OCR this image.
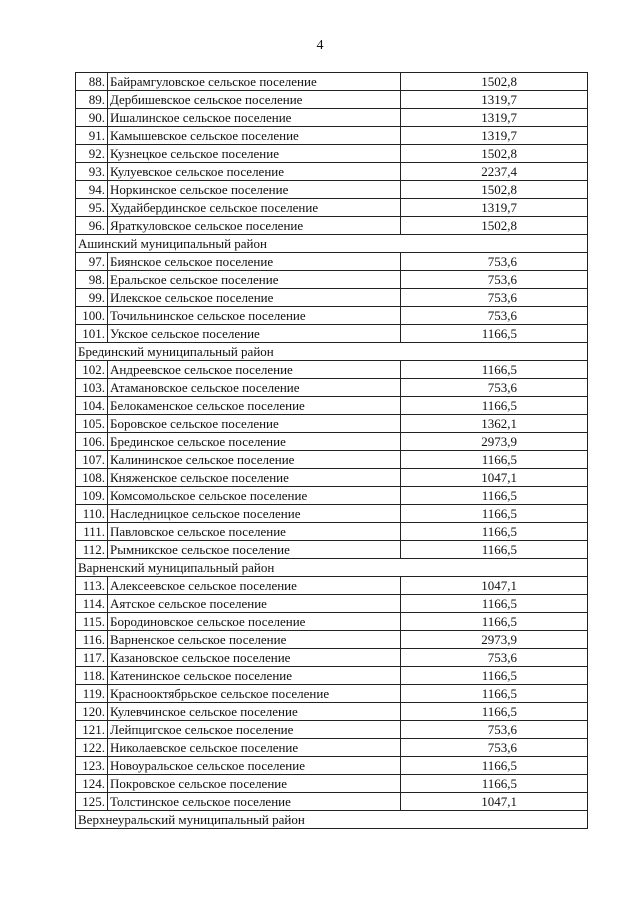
4
88.	Байрамгуловское сельское поселение	1502,8
89.	Дербишевское сельское поселение	1319,7
90.	Ишалинское сельское поселение	1319,7
91.	Камышевское сельское поселение	1319,7
92.	Кузнецкое сельское поселение	1502,8
93.	Кулуевское сельское поселение	2237,4
94.	Норкинское сельское поселение	1502,8
95.	Худайбердинское сельское поселение	1319,7
96.	Яраткуловское сельское поселение	1502,8
Ашинский муниципальный район		
97.	Биянское сельское поселение	753,6
98.	Еральское сельское поселение	753,6
99.	Илекское сельское поселение	753,6
100.	Точильнинское сельское поселение	753,6
101.	Укское сельское поселение	1166,5
Брединский муниципальный район		
102.	Андреевское сельское поселение	1166,5
103.	Атамановское сельское поселение	753,6
104.	Белокаменское сельское поселение	1166,5
105.	Боровское сельское поселение	1362,1
106.	Брединское сельское поселение	2973,9
107.	Калининское сельское поселение	1166,5
108.	Княженское сельское поселение	1047,1
109.	Комсомольское сельское поселение	1166,5
110.	Наследницкое сельское поселение	1166,5
111.	Павловское сельское поселение	1166,5
112.	Рымникское сельское поселение	1166,5
Варненский муниципальный район		
113.	Алексеевское сельское поселение	1047,1
114.	Аятское сельское поселение	1166,5
115.	Бородиновское сельское поселение	1166,5
116.	Варненское сельское поселение	2973,9
117.	Казановское сельское поселение	753,6
118.	Катенинское сельское поселение	1166,5
119.	Краснооктябрьское сельское поселение	1166,5
120.	Кулевчинское сельское поселение	1166,5
121.	Лейпцигское сельское поселение	753,6
122.	Николаевское сельское поселение	753,6
123.	Новоуральское сельское поселение	1166,5
124.	Покровское сельское поселение	1166,5
125.	Толстинское сельское поселение	1047,1
Верхнеуральский муниципальный район		
